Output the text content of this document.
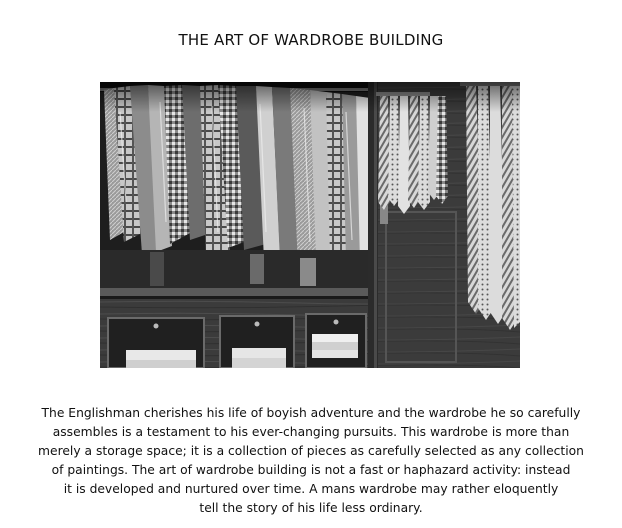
THE ART OF WARDROBE BUILDING
The Englishman cherishes his life of boyish adventure and the wardrobe he so carefully
assembles is a testament to his ever-changing pursuits. This wardrobe is more than
merely a storage space; it is a collection of pieces as carefully selected as any collection
of paintings. The art of wardrobe building is not a fast or haphazard activity: instead
it is developed and nurtured over time. A mans wardrobe may rather eloquently
tell the story of his life less ordinary.
